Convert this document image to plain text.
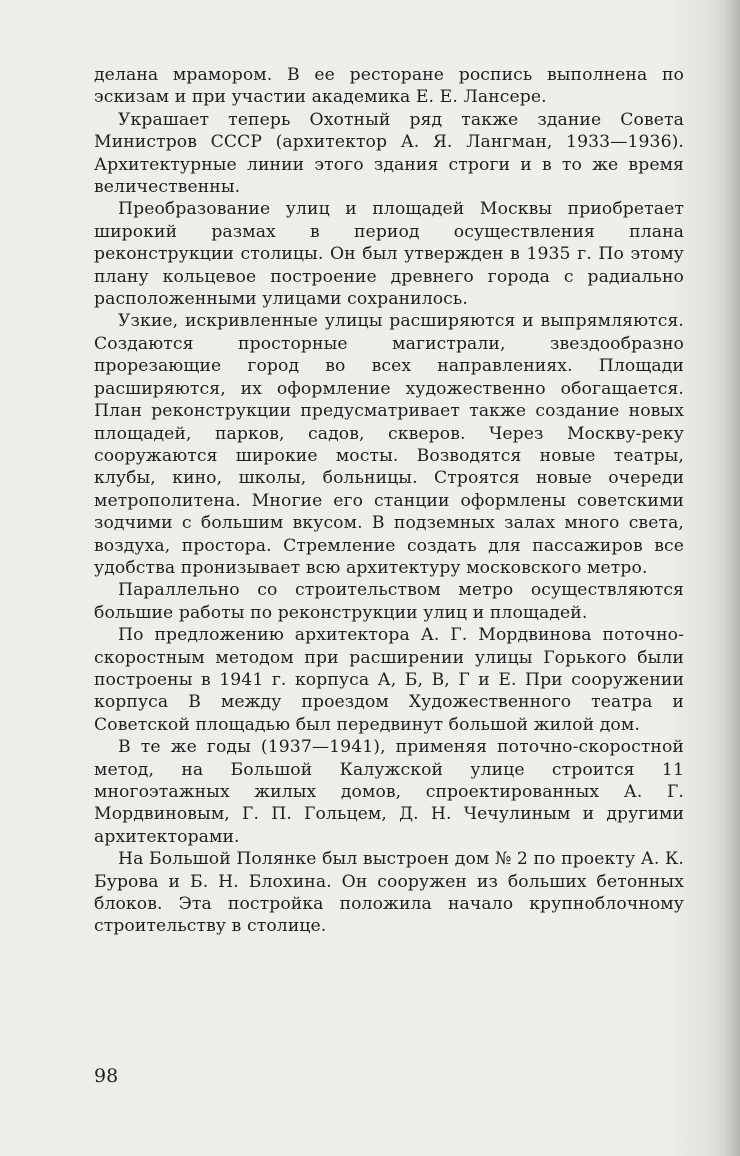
делана мрамором. В ее ресторане роспись выполнена по эскизам и при участии академика Е. Е. Лансере.

Украшает теперь Охотный ряд также здание Совета Министров СССР (архитектор А. Я. Лангман, 1933—1936). Архитектурные линии этого здания строги и в то же время величественны.

Преобразование улиц и площадей Москвы приобретает широкий размах в период осуществления плана реконструкции столицы. Он был утвержден в 1935 г. По этому плану кольцевое построение древнего города с радиально расположенными улицами сохранилось.

Узкие, искривленные улицы расширяются и выпрямляются. Создаются просторные магистрали, звездообразно прорезающие город во всех направлениях. Площади расширяются, их оформление художественно обогащается. План реконструкции предусматривает также создание новых площадей, парков, садов, скверов. Через Москву-реку сооружаются широкие мосты. Возводятся новые театры, клубы, кино, школы, больницы. Строятся новые очереди метрополитена. Многие его станции оформлены советскими зодчими с большим вкусом. В подземных залах много света, воздуха, простора. Стремление создать для пассажиров все удобства пронизывает всю архитектуру московского метро.

Параллельно со строительством метро осуществляются большие работы по реконструкции улиц и площадей.

По предложению архитектора А. Г. Мордвинова поточно-скоростным методом при расширении улицы Горького были построены в 1941 г. корпуса А, Б, В, Г и Е. При сооружении корпуса В между проездом Художественного театра и Советской площадью был передвинут большой жилой дом.

В те же годы (1937—1941), применяя поточно-скоростной метод, на Большой Калужской улице строится 11 многоэтажных жилых домов, спроектированных А. Г. Мордвиновым, Г. П. Гольцем, Д. Н. Чечулиным и другими архитекторами.

На Большой Полянке был выстроен дом № 2 по проекту А. К. Бурова и Б. Н. Блохина. Он сооружен из больших бетонных блоков. Эта постройка положила начало крупноблочному строительству в столице.

98
